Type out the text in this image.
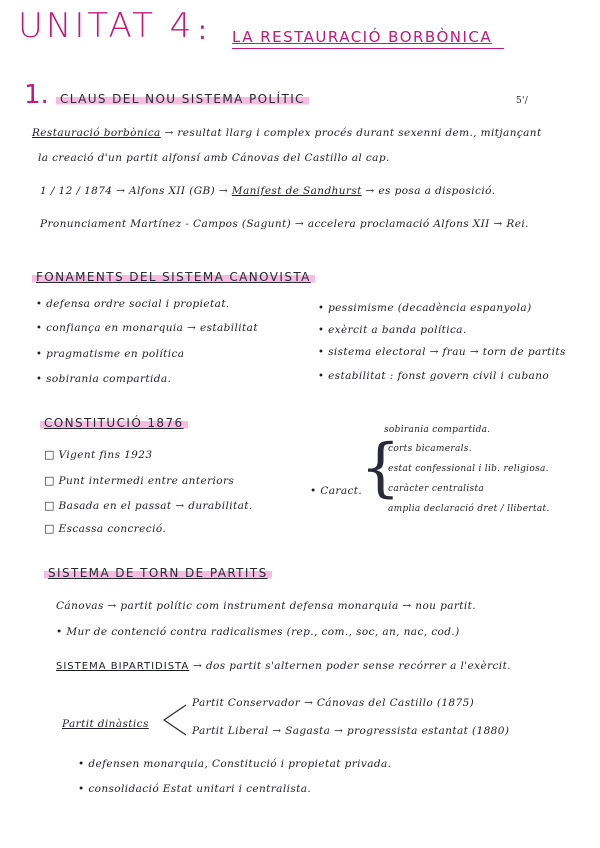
UNITAT 4 : LA RESTAURACIÓ BORBÒNICA
5'/
1. CLAUS DEL NOU SISTEMA POLÍTIC
Restauració borbònica → resultat llarg i complex procés durant sexenni dem., mitjançant
la creació d'un partit alfonsí amb Cánovas del Castillo al cap.
1 / 12 / 1874 → Alfons XII (GB) → Manifest de Sandhurst → es posa a disposició.
Pronunciament Martínez - Campos (Sagunt) → accelera proclamació Alfons XII → Rei.
FONAMENTS DEL SISTEMA CANOVISTA
• defensa ordre social i propietat.
• confiança en monarquia → estabilitat
• pragmatisme en política
• sobirania compartida.
• pessimisme (decadència espanyola)
• exèrcit a banda política.
• sistema electoral → frau → torn de partits
• estabilitat : fonst govern civil i cubano
CONSTITUCIÓ 1876
□ Vigent fins 1923
□ Punt intermedi entre anteriors
□ Basada en el passat → durabilitat.
□ Escassa concreció.
• Caract.
{
sobirania compartida.
corts bicamerals.
estat confessional i lib. religiosa.
caràcter centralista
amplia declaració dret / llibertat.
SISTEMA DE TORN DE PARTITS
Cánovas → partit polític com instrument defensa monarquia → nou partit.
• Mur de contenció contra radicalismes (rep., com., soc, an, nac, cod.)
SISTEMA BIPARTIDISTA → dos partit s'alternen poder sense recórrer a l'exèrcit.
Partit dinàstics
Partit Conservador → Cánovas del Castillo (1875)
Partit Liberal → Sagasta → progressista estantat (1880)
• defensen monarquia, Constitució i propietat privada.
• consolidació Estat unitari i centralista.
